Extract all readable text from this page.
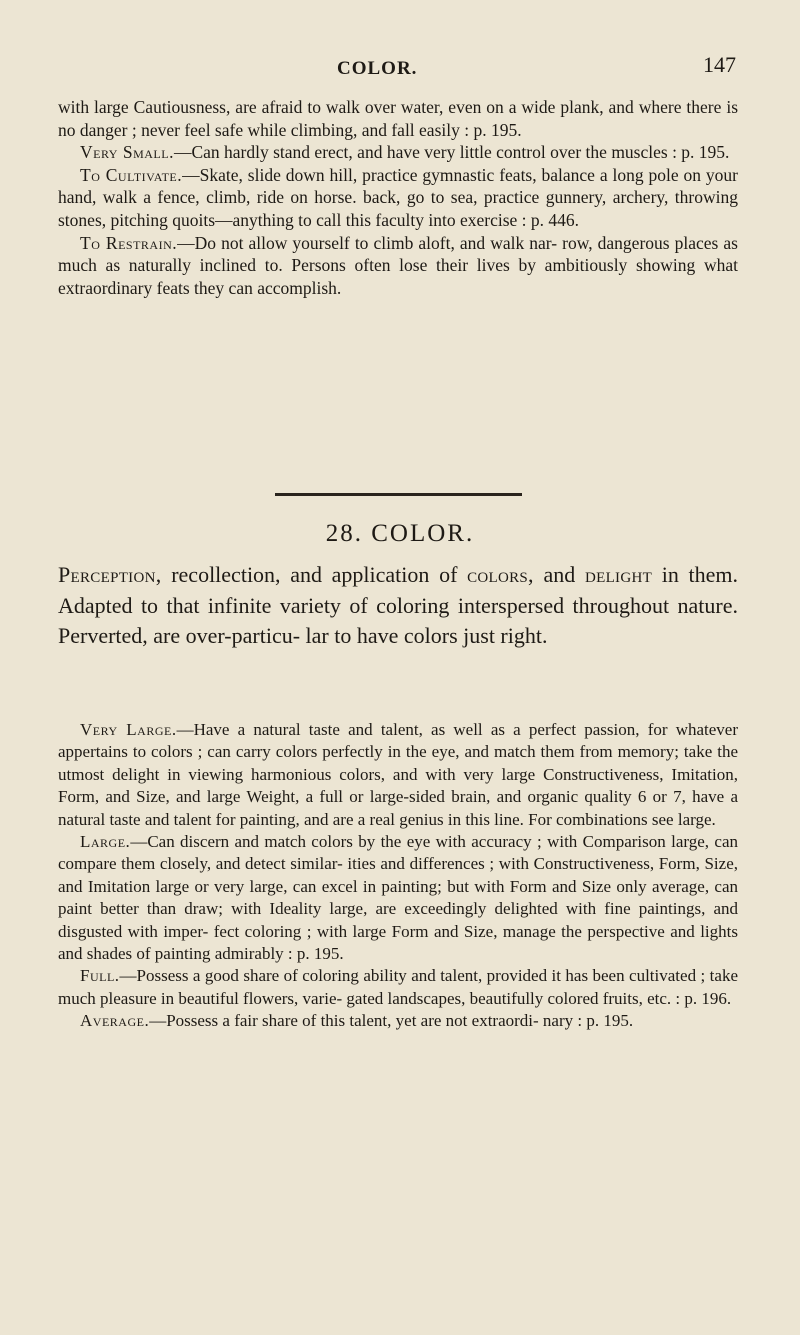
COLOR.	147

with large Cautiousness, are afraid to walk over water, even on a wide plank, and where there is no danger ; never feel safe while climbing, and fall easily : p. 195.

Very Small.—Can hardly stand erect, and have very little control over the muscles : p. 195.

To Cultivate.—Skate, slide down hill, practice gymnastic feats, balance a long pole on your hand, walk a fence, climb, ride on horse. back, go to sea, practice gunnery, archery, throwing stones, pitching quoits—anything to call this faculty into exercise : p. 446.

To Restrain.—Do not allow yourself to climb aloft, and walk nar- row, dangerous places as much as naturally inclined to. Persons often lose their lives by ambitiously showing what extraordinary feats they can accomplish.

28. COLOR.
Perception, recollection, and application of colors, and delight in them. Adapted to that infinite variety of coloring interspersed throughout nature. Perverted, are over-particu- lar to have colors just right.

Very Large.—Have a natural taste and talent, as well as a perfect passion, for whatever appertains to colors ; can carry colors perfectly in the eye, and match them from memory; take the utmost delight in viewing harmonious colors, and with very large Constructiveness, Imitation, Form, and Size, and large Weight, a full or large-sided brain, and organic quality 6 or 7, have a natural taste and talent for painting, and are a real genius in this line. For combinations see large.

Large.—Can discern and match colors by the eye with accuracy ; with Comparison large, can compare them closely, and detect similar- ities and differences ; with Constructiveness, Form, Size, and Imitation large or very large, can excel in painting; but with Form and Size only average, can paint better than draw; with Ideality large, are exceedingly delighted with fine paintings, and disgusted with imper- fect coloring ; with large Form and Size, manage the perspective and lights and shades of painting admirably : p. 195.

Full.—Possess a good share of coloring ability and talent, provided it has been cultivated ; take much pleasure in beautiful flowers, varie- gated landscapes, beautifully colored fruits, etc. : p. 196.

Average.—Possess a fair share of this talent, yet are not extraordi- nary : p. 195.
